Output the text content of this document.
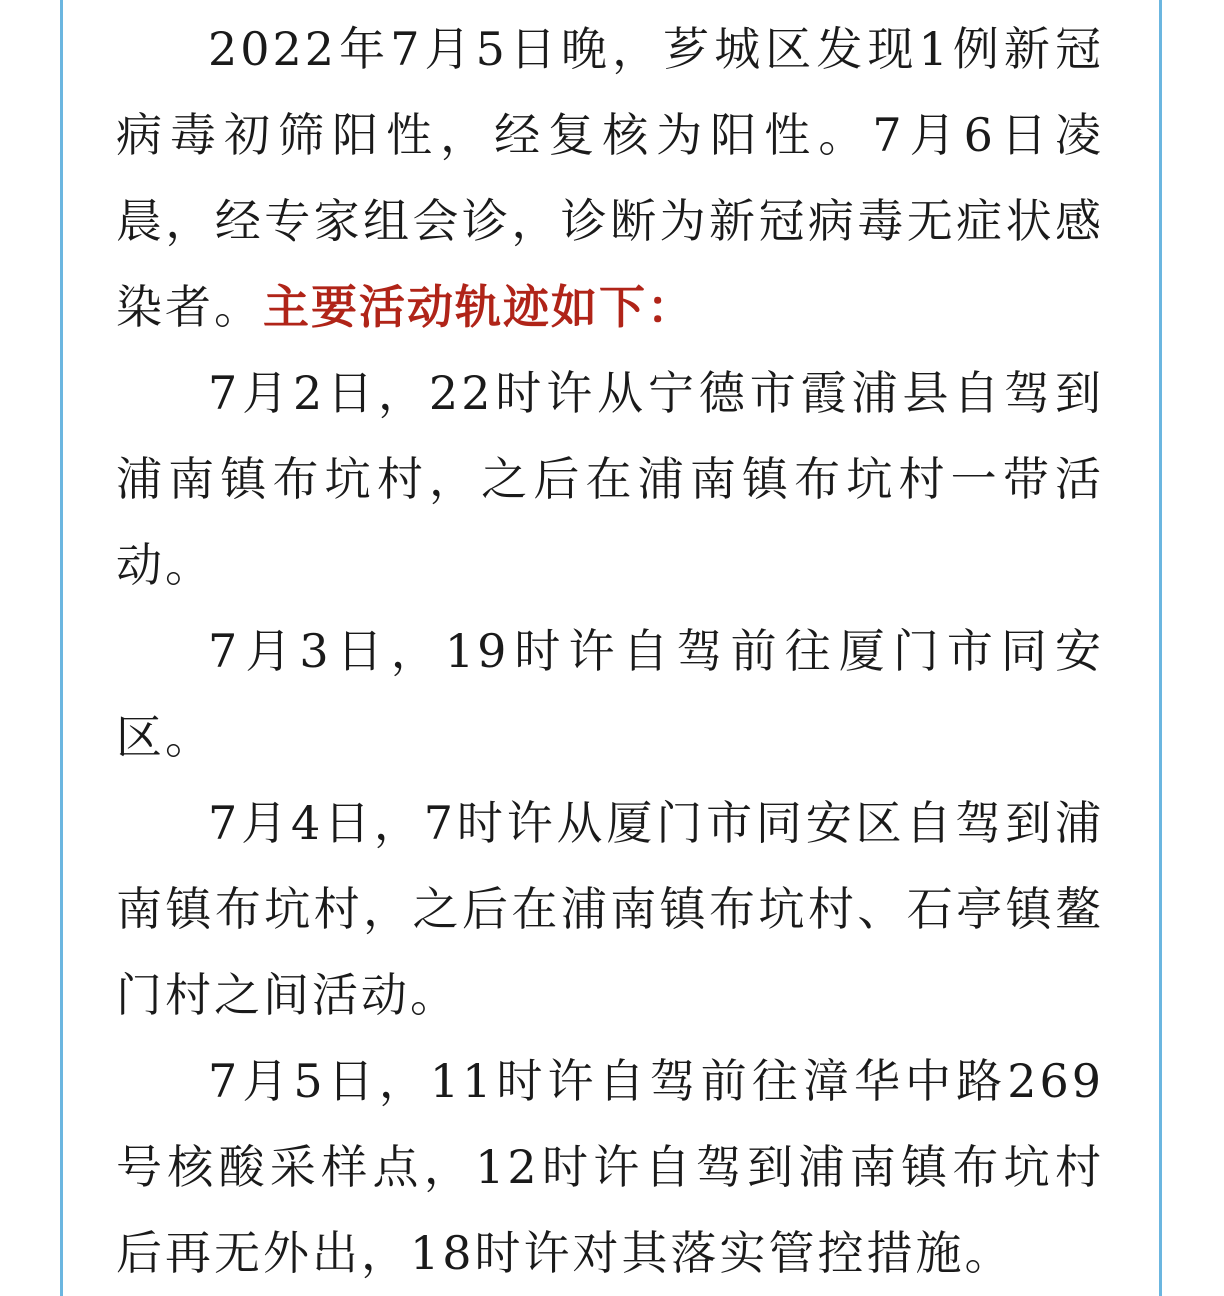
2022年7月5日晚，芗城区发现1例新冠病毒初筛阳性，经复核为阳性。7月6日凌晨，经专家组会诊，诊断为新冠病毒无症状感染者。主要活动轨迹如下：

7月2日，22时许从宁德市霞浦县自驾到浦南镇布坑村，之后在浦南镇布坑村一带活动。

7月3日，19时许自驾前往厦门市同安区。

7月4日，7时许从厦门市同安区自驾到浦南镇布坑村，之后在浦南镇布坑村、石亭镇鳌门村之间活动。

7月5日，11时许自驾前往漳华中路269号核酸采样点，12时许自驾到浦南镇布坑村后再无外出，18时许对其落实管控措施。
